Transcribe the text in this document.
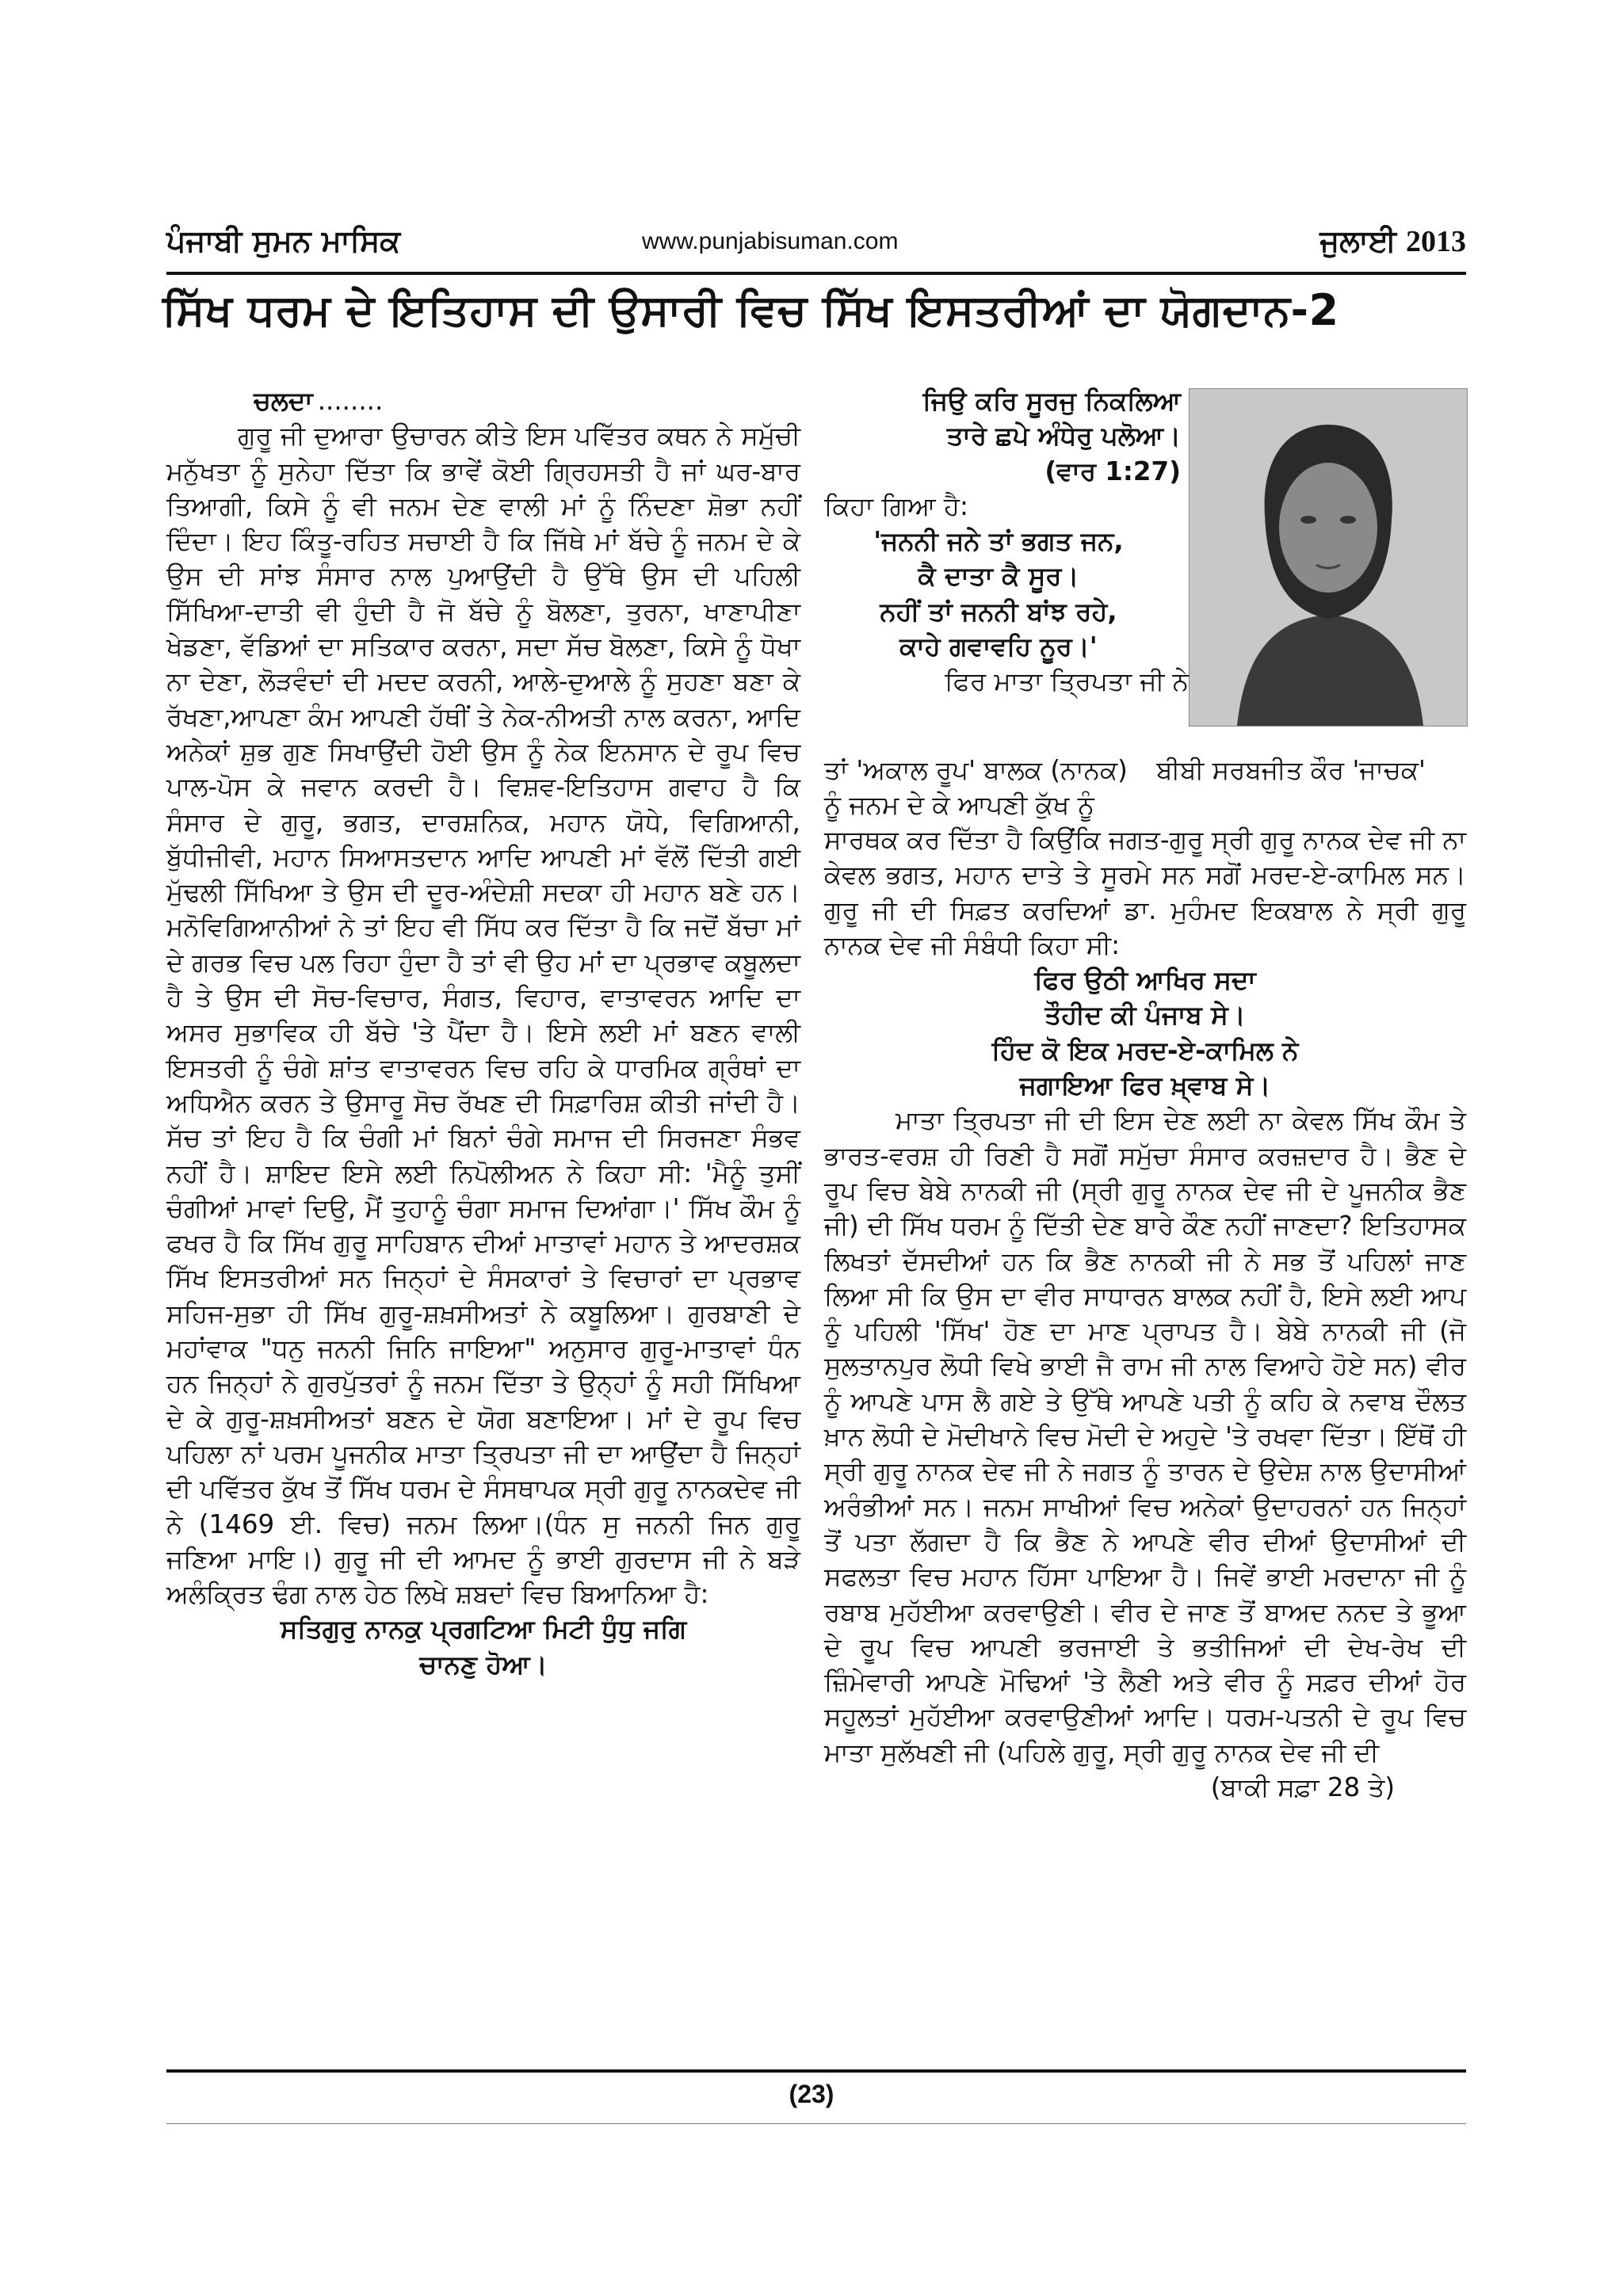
ਪੰਜਾਬੀ ਸੁਮਨ ਮਾਸਿਕ	www.punjabisuman.com	ਜੁਲਾਈ 2013
ਸਿੱਖ ਧਰਮ ਦੇ ਇਤਿਹਾਸ ਦੀ ਉਸਾਰੀ ਵਿਚ ਸਿੱਖ ਇਸਤਰੀਆਂ ਦਾ ਯੋਗਦਾਨ-2
ਚਲਦਾ ........

ਗੁਰੂ ਜੀ ਦੁਆਰਾ ਉਚਾਰਨ ਕੀਤੇ ਇਸ ਪਵਿੱਤਰ ਕਥਨ ਨੇ ਸਮੁੱਚੀ ਮਨੁੱਖਤਾ ਨੂੰ ਸੁਨੇਹਾ ਦਿੱਤਾ ਕਿ ਭਾਵੇਂ ਕੋਈ ਗ੍ਰਿਹਸਤੀ ਹੈ ਜਾਂ ਘਰ-ਬਾਰ ਤਿਆਗੀ, ਕਿਸੇ ਨੂੰ ਵੀ ਜਨਮ ਦੇਣ ਵਾਲੀ ਮਾਂ ਨੂੰ ਨਿੰਦਣਾ ਸ਼ੋਭਾ ਨਹੀਂ ਦਿੰਦਾ। ਇਹ ਕਿੰਤੂ-ਰਹਿਤ ਸਚਾਈ ਹੈ ਕਿ ਜਿੱਥੇ ਮਾਂ ਬੱਚੇ ਨੂੰ ਜਨਮ ਦੇ ਕੇ ਉਸ ਦੀ ਸਾਂਝ ਸੰਸਾਰ ਨਾਲ ਪੁਆਉਂਦੀ ਹੈ ਉੱਥੇ ਉਸ ਦੀ ਪਹਿਲੀ ਸਿੱਖਿਆ-ਦਾਤੀ ਵੀ ਹੁੰਦੀ ਹੈ ਜੋ ਬੱਚੇ ਨੂੰ ਬੋਲਣਾ, ਤੁਰਨਾ, ਖਾਣਾਪੀਣਾ ਖੇਡਣਾ, ਵੱਡਿਆਂ ਦਾ ਸਤਿਕਾਰ ਕਰਨਾ, ਸਦਾ ਸੱਚ ਬੋਲਣਾ, ਕਿਸੇ ਨੂੰ ਧੋਖਾ ਨਾ ਦੇਣਾ, ਲੋੜਵੰਦਾਂ ਦੀ ਮਦਦ ਕਰਨੀ, ਆਲੇ-ਦੁਆਲੇ ਨੂੰ ਸੁਹਣਾ ਬਣਾ ਕੇ ਰੱਖਣਾ,ਆਪਣਾ ਕੰਮ ਆਪਣੀ ਹੱਥੀਂ ਤੇ ਨੇਕ-ਨੀਅਤੀ ਨਾਲ ਕਰਨਾ, ਆਦਿ ਅਨੇਕਾਂ ਸ਼ੁਭ ਗੁਣ ਸਿਖਾਉਂਦੀ ਹੋਈ ਉਸ ਨੂੰ ਨੇਕ ਇਨਸਾਨ ਦੇ ਰੂਪ ਵਿਚ ਪਾਲ-ਪੋਸ ਕੇ ਜਵਾਨ ਕਰਦੀ ਹੈ। ਵਿਸ਼ਵ-ਇਤਿਹਾਸ ਗਵਾਹ ਹੈ ਕਿ ਸੰਸਾਰ ਦੇ ਗੁਰੂ, ਭਗਤ, ਦਾਰਸ਼ਨਿਕ, ਮਹਾਨ ਯੋਧੇ, ਵਿਗਿਆਨੀ, ਬੁੱਧੀਜੀਵੀ, ਮਹਾਨ ਸਿਆਸਤਦਾਨ ਆਦਿ ਆਪਣੀ ਮਾਂ ਵੱਲੋਂ ਦਿੱਤੀ ਗਈ ਮੁੱਢਲੀ ਸਿੱਖਿਆ ਤੇ ਉਸ ਦੀ ਦੂਰ-ਅੰਦੇਸ਼ੀ ਸਦਕਾ ਹੀ ਮਹਾਨ ਬਣੇ ਹਨ। ਮਨੋਵਿਗਿਆਨੀਆਂ ਨੇ ਤਾਂ ਇਹ ਵੀ ਸਿੱਧ ਕਰ ਦਿੱਤਾ ਹੈ ਕਿ ਜਦੋਂ ਬੱਚਾ ਮਾਂ ਦੇ ਗਰਭ ਵਿਚ ਪਲ ਰਿਹਾ ਹੁੰਦਾ ਹੈ ਤਾਂ ਵੀ ਉਹ ਮਾਂ ਦਾ ਪ੍ਰਭਾਵ ਕਬੂਲਦਾ ਹੈ ਤੇ ਉਸ ਦੀ ਸੋਚ-ਵਿਚਾਰ, ਸੰਗਤ, ਵਿਹਾਰ, ਵਾਤਾਵਰਨ ਆਦਿ ਦਾ ਅਸਰ ਸੁਭਾਵਿਕ ਹੀ ਬੱਚੇ 'ਤੇ ਪੈਂਦਾ ਹੈ। ਇਸੇ ਲਈ ਮਾਂ ਬਣਨ ਵਾਲੀ ਇਸਤਰੀ ਨੂੰ ਚੰਗੇ ਸ਼ਾਂਤ ਵਾਤਾਵਰਨ ਵਿਚ ਰਹਿ ਕੇ ਧਾਰਮਿਕ ਗ੍ਰੰਥਾਂ ਦਾ ਅਧਿਐਨ ਕਰਨ ਤੇ ਉਸਾਰੂ ਸੋਚ ਰੱਖਣ ਦੀ ਸਿਫ਼ਾਰਿਸ਼ ਕੀਤੀ ਜਾਂਦੀ ਹੈ। ਸੱਚ ਤਾਂ ਇਹ ਹੈ ਕਿ ਚੰਗੀ ਮਾਂ ਬਿਨਾਂ ਚੰਗੇ ਸਮਾਜ ਦੀ ਸਿਰਜਣਾ ਸੰਭਵ ਨਹੀਂ ਹੈ। ਸ਼ਾਇਦ ਇਸੇ ਲਈ ਨਿਪੋਲੀਅਨ ਨੇ ਕਿਹਾ ਸੀ: 'ਮੈਨੂੰ ਤੁਸੀਂ ਚੰਗੀਆਂ ਮਾਵਾਂ ਦਿਉ, ਮੈਂ ਤੁਹਾਨੂੰ ਚੰਗਾ ਸਮਾਜ ਦਿਆਂਗਾ।' ਸਿੱਖ ਕੌਮ ਨੂੰ ਫਖਰ ਹੈ ਕਿ ਸਿੱਖ ਗੁਰੂ ਸਾਹਿਬਾਨ ਦੀਆਂ ਮਾਤਾਵਾਂ ਮਹਾਨ ਤੇ ਆਦਰਸ਼ਕ ਸਿੱਖ ਇਸਤਰੀਆਂ ਸਨ ਜਿਨ੍ਹਾਂ ਦੇ ਸੰਸਕਾਰਾਂ ਤੇ ਵਿਚਾਰਾਂ ਦਾ ਪ੍ਰਭਾਵ ਸਹਿਜ-ਸੁਭਾ ਹੀ ਸਿੱਖ ਗੁਰੂ-ਸ਼ਖ਼ਸੀਅਤਾਂ ਨੇ ਕਬੂਲਿਆ। ਗੁਰਬਾਣੀ ਦੇ ਮਹਾਂਵਾਕ "ਧਨੁ ਜਨਨੀ ਜਿਨਿ ਜਾਇਆ" ਅਨੁਸਾਰ ਗੁਰੂ-ਮਾਤਾਵਾਂ ਧੰਨ ਹਨ ਜਿਨ੍ਹਾਂ ਨੇ ਗੁਰਪੁੱਤਰਾਂ ਨੂੰ ਜਨਮ ਦਿੱਤਾ ਤੇ ਉਨ੍ਹਾਂ ਨੂੰ ਸਹੀ ਸਿੱਖਿਆ ਦੇ ਕੇ ਗੁਰੂ-ਸ਼ਖ਼ਸੀਅਤਾਂ ਬਣਨ ਦੇ ਯੋਗ ਬਣਾਇਆ। ਮਾਂ ਦੇ ਰੂਪ ਵਿਚ ਪਹਿਲਾ ਨਾਂ ਪਰਮ ਪੂਜਨੀਕ ਮਾਤਾ ਤ੍ਰਿਪਤਾ ਜੀ ਦਾ ਆਉਂਦਾ ਹੈ ਜਿਨ੍ਹਾਂ ਦੀ ਪਵਿੱਤਰ ਕੁੱਖ ਤੋਂ ਸਿੱਖ ਧਰਮ ਦੇ ਸੰਸਥਾਪਕ ਸ੍ਰੀ ਗੁਰੂ ਨਾਨਕਦੇਵ ਜੀ ਨੇ (1469 ਈ. ਵਿਚ) ਜਨਮ ਲਿਆ।(ਧੰਨ ਸੁ ਜਨਨੀ ਜਿਨ ਗੁਰੂ ਜਣਿਆ ਮਾਇ।) ਗੁਰੂ ਜੀ ਦੀ ਆਮਦ ਨੂੰ ਭਾਈ ਗੁਰਦਾਸ ਜੀ ਨੇ ਬੜੇ ਅਲੰਕ੍ਰਿਤ ਢੰਗ ਨਾਲ ਹੇਠ ਲਿਖੇ ਸ਼ਬਦਾਂ ਵਿਚ ਬਿਆਨਿਆ ਹੈ:

ਸਤਿਗੁਰੁ ਨਾਨਕੁ ਪ੍ਰਗਟਿਆ ਮਿਟੀ ਧੁੰਧੁ ਜਗਿ
ਚਾਨਣੁ ਹੋਆ।
ਜਿਉ ਕਰਿ ਸੂਰਜੁ ਨਿਕਲਿਆ
ਤਾਰੇ ਛਪੇ ਅੰਧੇਰੁ ਪਲੋਆ।
(ਵਾਰ 1:27)
ਕਿਹਾ ਗਿਆ ਹੈ:
'ਜਨਨੀ ਜਨੇ ਤਾਂ ਭਗਤ ਜਨ,
ਕੈ ਦਾਤਾ ਕੈ ਸੂਰ।
ਨਹੀਂ ਤਾਂ ਜਨਨੀ ਬਾਂਝ ਰਹੇ,
ਕਾਹੇ ਗਵਾਵਹਿ ਨੂਰ।'
ਫਿਰ ਮਾਤਾ ਤ੍ਰਿਪਤਾ ਜੀ ਨੇ
ਤਾਂ 'ਅਕਾਲ ਰੂਪ' ਬਾਲਕ (ਨਾਨਕ) ਬੀਬੀ ਸਰਬਜੀਤ ਕੌਰ 'ਜਾਚਕ'
ਨੂੰ ਜਨਮ ਦੇ ਕੇ ਆਪਣੀ ਕੁੱਖ ਨੂੰ

ਸਾਰਥਕ ਕਰ ਦਿੱਤਾ ਹੈ ਕਿਉਂਕਿ ਜਗਤ-ਗੁਰੂ ਸ੍ਰੀ ਗੁਰੂ ਨਾਨਕ ਦੇਵ ਜੀ ਨਾ ਕੇਵਲ ਭਗਤ, ਮਹਾਨ ਦਾਤੇ ਤੇ ਸੂਰਮੇ ਸਨ ਸਗੋਂ ਮਰਦ-ਏ-ਕਾਮਿਲ ਸਨ। ਗੁਰੂ ਜੀ ਦੀ ਸਿਫ਼ਤ ਕਰਦਿਆਂ ਡਾ. ਮੁਹੰਮਦ ਇਕਬਾਲ ਨੇ ਸ੍ਰੀ ਗੁਰੂ ਨਾਨਕ ਦੇਵ ਜੀ ਸੰਬੰਧੀ ਕਿਹਾ ਸੀ:

ਫਿਰ ਉਠੀ ਆਖਿਰ ਸਦਾ
ਤੌਹੀਦ ਕੀ ਪੰਜਾਬ ਸੇ।
ਹਿੰਦ ਕੋ ਇਕ ਮਰਦ-ਏ-ਕਾਮਿਲ ਨੇ
ਜਗਾਇਆ ਫਿਰ ਖ਼੍ਵਾਬ ਸੇ।

ਮਾਤਾ ਤ੍ਰਿਪਤਾ ਜੀ ਦੀ ਇਸ ਦੇਣ ਲਈ ਨਾ ਕੇਵਲ ਸਿੱਖ ਕੌਮ ਤੇ ਭਾਰਤ-ਵਰਸ਼ ਹੀ ਰਿਣੀ ਹੈ ਸਗੋਂ ਸਮੁੱਚਾ ਸੰਸਾਰ ਕਰਜ਼ਦਾਰ ਹੈ। ਭੈਣ ਦੇ ਰੂਪ ਵਿਚ ਬੇਬੇ ਨਾਨਕੀ ਜੀ (ਸ੍ਰੀ ਗੁਰੂ ਨਾਨਕ ਦੇਵ ਜੀ ਦੇ ਪੂਜਨੀਕ ਭੈਣ ਜੀ) ਦੀ ਸਿੱਖ ਧਰਮ ਨੂੰ ਦਿੱਤੀ ਦੇਣ ਬਾਰੇ ਕੌਣ ਨਹੀਂ ਜਾਣਦਾ? ਇਤਿਹਾਸਕ ਲਿਖਤਾਂ ਦੱਸਦੀਆਂ ਹਨ ਕਿ ਭੈਣ ਨਾਨਕੀ ਜੀ ਨੇ ਸਭ ਤੋਂ ਪਹਿਲਾਂ ਜਾਣ ਲਿਆ ਸੀ ਕਿ ਉਸ ਦਾ ਵੀਰ ਸਾਧਾਰਨ ਬਾਲਕ ਨਹੀਂ ਹੈ, ਇਸੇ ਲਈ ਆਪ ਨੂੰ ਪਹਿਲੀ 'ਸਿੱਖ' ਹੋਣ ਦਾ ਮਾਣ ਪ੍ਰਾਪਤ ਹੈ। ਬੇਬੇ ਨਾਨਕੀ ਜੀ (ਜੋ ਸੁਲਤਾਨਪੁਰ ਲੋਧੀ ਵਿਖੇ ਭਾਈ ਜੈ ਰਾਮ ਜੀ ਨਾਲ ਵਿਆਹੇ ਹੋਏ ਸਨ) ਵੀਰ ਨੂੰ ਆਪਣੇ ਪਾਸ ਲੈ ਗਏ ਤੇ ਉੱਥੇ ਆਪਣੇ ਪਤੀ ਨੂੰ ਕਹਿ ਕੇ ਨਵਾਬ ਦੌਲਤ ਖ਼ਾਨ ਲੋਧੀ ਦੇ ਮੋਦੀਖਾਨੇ ਵਿਚ ਮੋਦੀ ਦੇ ਅਹੁਦੇ 'ਤੇ ਰਖਵਾ ਦਿੱਤਾ। ਇੱਥੋਂ ਹੀ ਸ੍ਰੀ ਗੁਰੂ ਨਾਨਕ ਦੇਵ ਜੀ ਨੇ ਜਗਤ ਨੂੰ ਤਾਰਨ ਦੇ ਉਦੇਸ਼ ਨਾਲ ਉਦਾਸੀਆਂ ਅਰੰਭੀਆਂ ਸਨ। ਜਨਮ ਸਾਖੀਆਂ ਵਿਚ ਅਨੇਕਾਂ ਉਦਾਹਰਨਾਂ ਹਨ ਜਿਨ੍ਹਾਂ ਤੋਂ ਪਤਾ ਲੱਗਦਾ ਹੈ ਕਿ ਭੈਣ ਨੇ ਆਪਣੇ ਵੀਰ ਦੀਆਂ ਉਦਾਸੀਆਂ ਦੀ ਸਫਲਤਾ ਵਿਚ ਮਹਾਨ ਹਿੱਸਾ ਪਾਇਆ ਹੈ। ਜਿਵੇਂ ਭਾਈ ਮਰਦਾਨਾ ਜੀ ਨੂੰ ਰਬਾਬ ਮੁਹੱਈਆ ਕਰਵਾਉਣੀ। ਵੀਰ ਦੇ ਜਾਣ ਤੋਂ ਬਾਅਦ ਨਨਦ ਤੇ ਭੂਆ ਦੇ ਰੂਪ ਵਿਚ ਆਪਣੀ ਭਰਜਾਈ ਤੇ ਭਤੀਜਿਆਂ ਦੀ ਦੇਖ-ਰੇਖ ਦੀ ਜ਼ਿੰਮੇਵਾਰੀ ਆਪਣੇ ਮੋਢਿਆਂ 'ਤੇ ਲੈਣੀ ਅਤੇ ਵੀਰ ਨੂੰ ਸਫ਼ਰ ਦੀਆਂ ਹੋਰ ਸਹੂਲਤਾਂ ਮੁਹੱਈਆ ਕਰਵਾਉਣੀਆਂ ਆਦਿ। ਧਰਮ-ਪਤਨੀ ਦੇ ਰੂਪ ਵਿਚ ਮਾਤਾ ਸੁਲੱਖਣੀ ਜੀ (ਪਹਿਲੇ ਗੁਰੂ, ਸ੍ਰੀ ਗੁਰੂ ਨਾਨਕ ਦੇਵ ਜੀ ਦੀ

(ਬਾਕੀ ਸਫ਼ਾ 28 ਤੇ)
(23)
